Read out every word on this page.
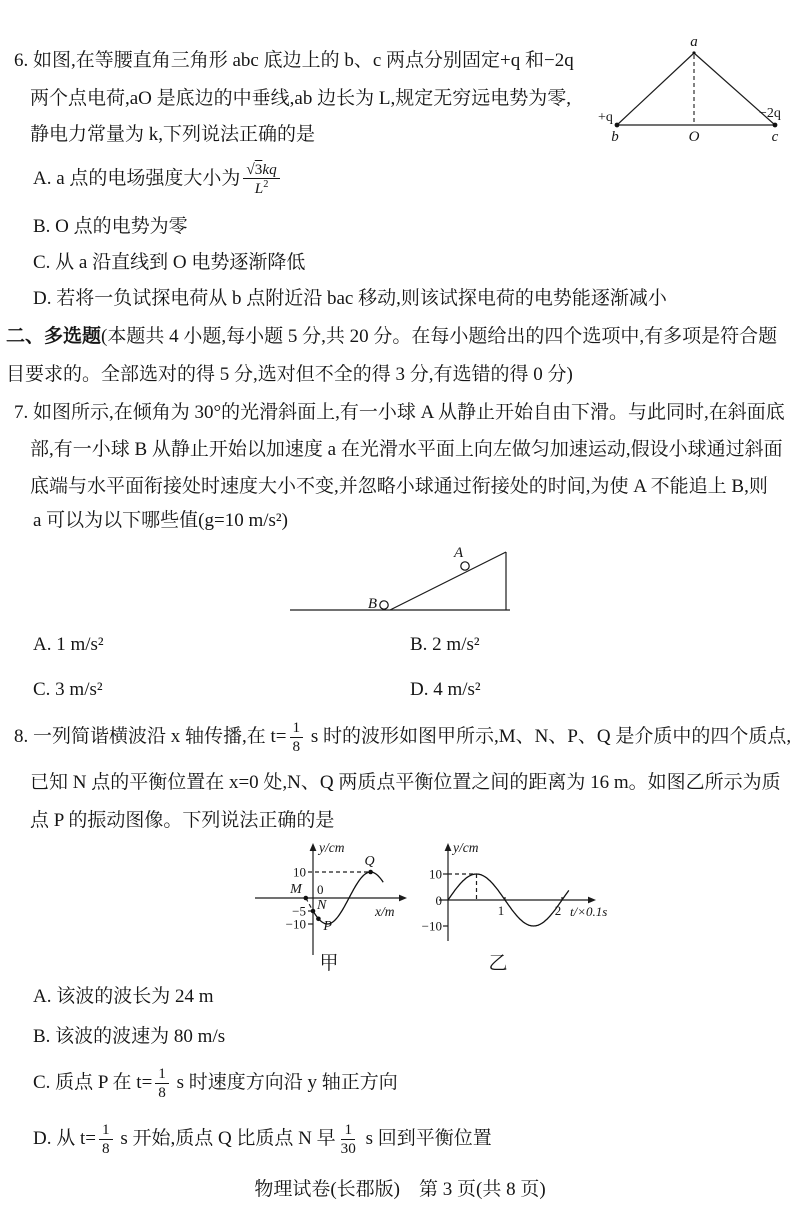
6. 如图,在等腰直角三角形 abc 底边上的 b、c 两点分别固定+q 和−2q
两个点电荷,aO 是底边的中垂线,ab 边长为 L,规定无穷远电势为零,
静电力常量为 k,下列说法正确的是
a
+q
b	O
−2q
c
A. a 点的电场强度大小为 $\frac{√3kq}{L^2}$
B. O 点的电势为零
C. 从 a 沿直线到 O 电势逐渐降低
D. 若将一负试探电荷从 b 点附近沿 bac 移动,则该试探电荷的电势能逐渐减小
二、多选题(本题共 4 小题,每小题 5 分,共 20 分。在每小题给出的四个选项中,有多项是符合题
目要求的。全部选对的得 5 分,选对但不全的得 3 分,有选错的得 0 分)
7. 如图所示,在倾角为 30°的光滑斜面上,有一小球 A 从静止开始自由下滑。与此同时,在斜面底
部,有一小球 B 从静止开始以加速度 a 在光滑水平面上向左做匀加速运动,假设小球通过斜面
底端与水平面衔接处时速度大小不变,并忽略小球通过衔接处的时间,为使 A 不能追上 B,则
a 可以为以下哪些值(g=10 m/s²)
A
B
A. 1 m/s²	B. 2 m/s²
C. 3 m/s²	D. 4 m/s²
8. 一列简谐横波沿 x 轴传播,在 $t= \frac{1}{8}$ s 时的波形如图甲所示,M、N、P、Q 是介质中的四个质点,
已知 N 点的平衡位置在 x=0 处,N、Q 两质点平衡位置之间的距离为 16 m。如图乙所示为质
点 P 的振动图像。下列说法正确的是
y/cm
x/m
10
−5
−10
0
M
N
P
Q
y/cm
t/×0.1s
10
−10
0
1	2
甲	乙
A. 该波的波长为 24 m
B. 该波的波速为 80 m/s
C. 质点 P 在 $t= \frac{1}{8}$ s 时速度方向沿 y 轴正方向
D. 从 $t= \frac{1}{8}$ s 开始,质点 Q 比质点 N 早 $\frac{1}{30}$ s 回到平衡位置
物理试卷(长郡版)　第 3 页(共 8 页)
